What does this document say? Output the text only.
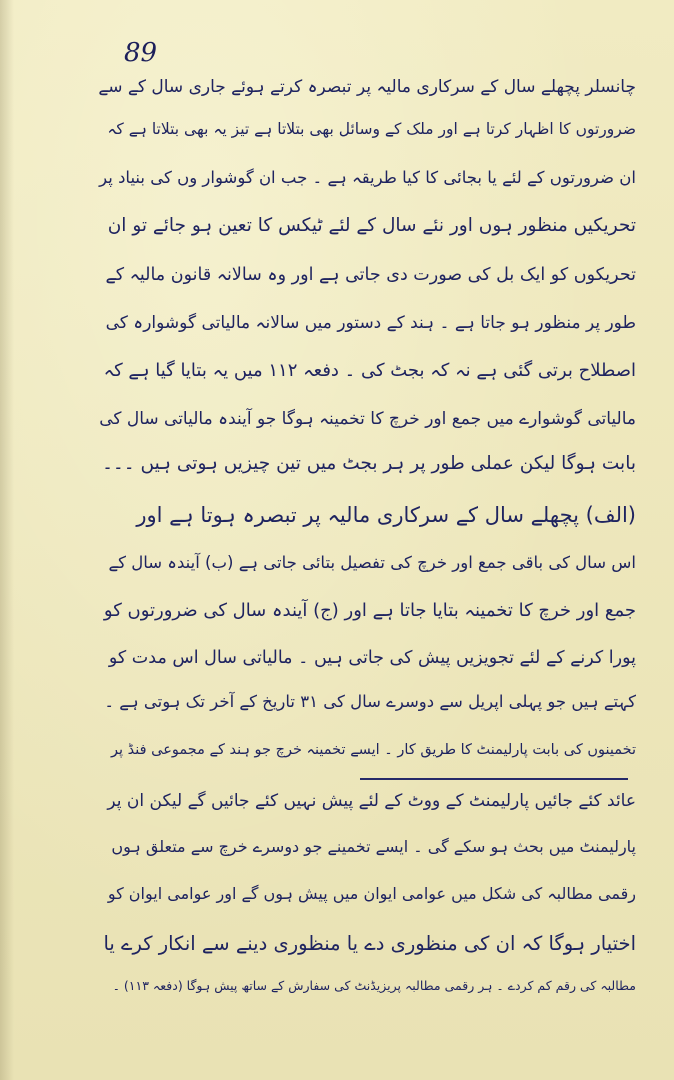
89
چانسلر پچھلے سال کے سرکاری مالیہ پر تبصرہ کرتے ہوئے جاری سال کے سے
ضرورتوں کا اظہار کرتا ہے اور ملک کے وسائل بھی بتلاتا ہے تیز یہ بھی بتلاتا ہے کہ
ان ضرورتوں کے لئے یا بجائی کا کیا طریقہ ہے ۔ جب ان گوشوار وں کی بنیاد پر
تحریکیں منظور ہوں اور نئے سال کے لئے ٹیکس کا تعین ہو جائے تو ان
تحریکوں کو ایک بل کی صورت دی جاتی ہے اور وہ سالانہ قانون مالیہ کے
طور پر منظور ہو جاتا ہے ۔ ہند کے دستور میں سالانہ مالیاتی گوشوارہ کی
اصطلاح برتی گئی ہے نہ کہ بجٹ کی ۔ دفعہ ۱۱۲ میں یہ بتایا گیا ہے کہ
مالیاتی گوشوارے میں جمع اور خرچ کا تخمینہ ہوگا جو آیندہ مالیاتی سال کی
بابت ہوگا لیکن عملی طور پر ہر بجٹ میں تین چیزیں ہوتی ہیں ۔۔۔
(الف) پچھلے سال کے سرکاری مالیہ پر تبصرہ ہوتا ہے اور
اس سال کی باقی جمع اور خرچ کی تفصیل بتائی جاتی ہے (ب) آیندہ سال کے
جمع اور خرچ کا تخمینہ بتایا جاتا ہے اور (ج) آیندہ سال کی ضرورتوں کو
پورا کرنے کے لئے تجویزیں پیش کی جاتی ہیں ۔ مالیاتی سال اس مدت کو
کہتے ہیں جو پہلی اپریل سے دوسرے سال کی ۳۱ تاریخ کے آخر تک ہوتی ہے ۔
تخمینوں کی بابت پارلیمنٹ کا طریق کار ۔ ایسے تخمینہ خرچ جو ہند کے مجموعی فنڈ پر
عائد کئے جائیں پارلیمنٹ کے ووٹ کے لئے پیش نہیں کئے جائیں گے لیکن ان پر
پارلیمنٹ میں بحث ہو سکے گی ۔ ایسے تخمینے جو دوسرے خرچ سے متعلق ہوں
رقمی مطالبہ کی شکل میں عوامی ایوان میں پیش ہوں گے اور عوامی ایوان کو
اختیار ہوگا کہ ان کی منظوری دے یا منظوری دینے سے انکار کرے یا
مطالبہ کی رقم کم کردے ۔ ہر رقمی مطالبہ پریزیڈنٹ کی سفارش کے ساتھ پیش ہوگا (دفعہ ۱۱۳) ۔
